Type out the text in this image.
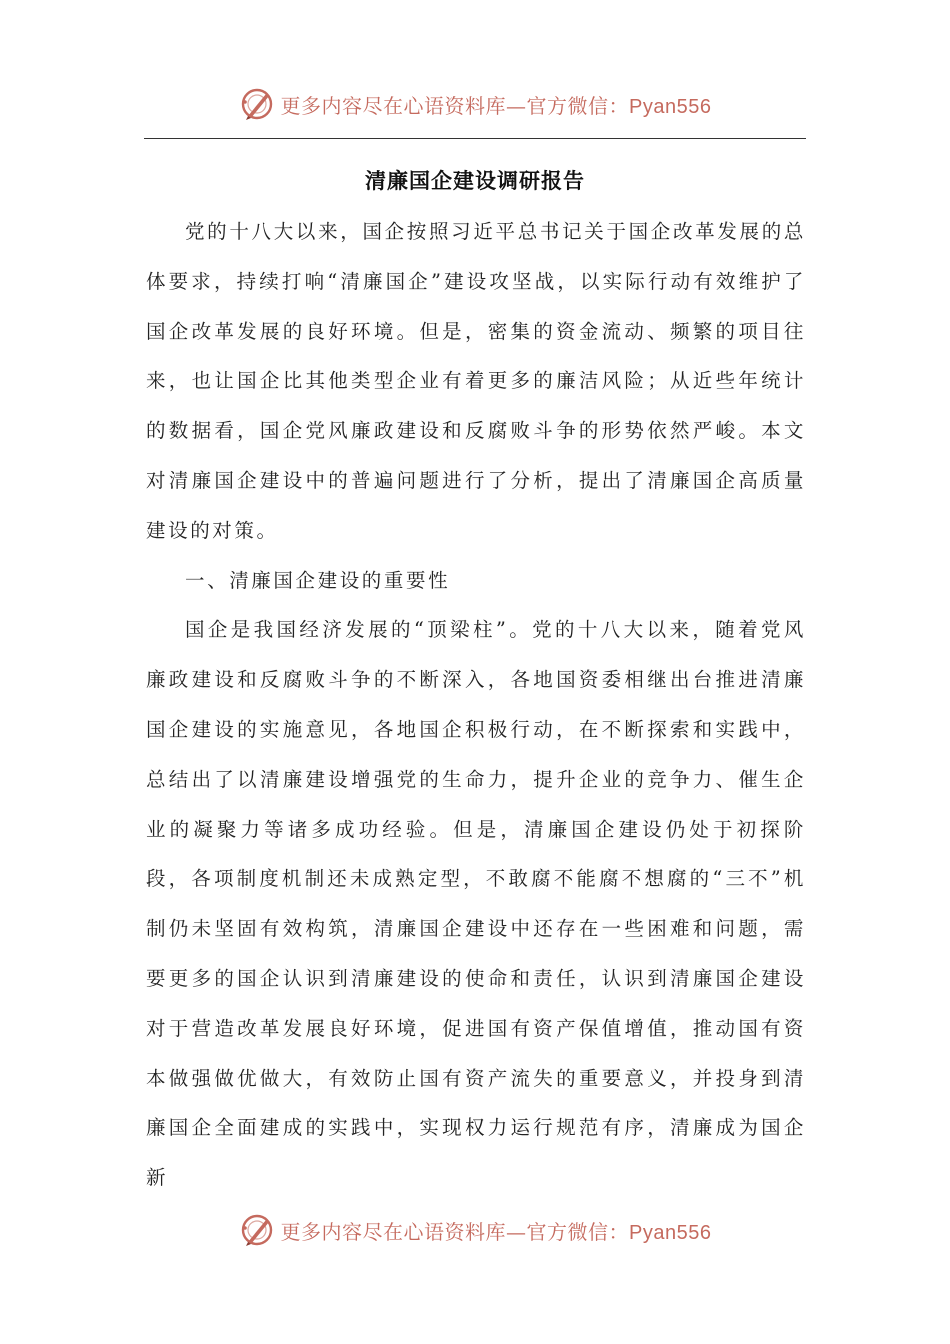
更多内容尽在心语资料库—官方微信：Pyan556
清廉国企建设调研报告

党的十八大以来，国企按照习近平总书记关于国企改革发展的总体要求，持续打响“清廉国企”建设攻坚战，以实际行动有效维护了国企改革发展的良好环境。但是，密集的资金流动、频繁的项目往来，也让国企比其他类型企业有着更多的廉洁风险；从近些年统计的数据看，国企党风廉政建设和反腐败斗争的形势依然严峻。本文对清廉国企建设中的普遍问题进行了分析，提出了清廉国企高质量建设的对策。

一、清廉国企建设的重要性

国企是我国经济发展的“顶梁柱”。党的十八大以来，随着党风廉政建设和反腐败斗争的不断深入，各地国资委相继出台推进清廉国企建设的实施意见，各地国企积极行动，在不断探索和实践中，总结出了以清廉建设增强党的生命力，提升企业的竞争力、催生企业的凝聚力等诸多成功经验。但是，清廉国企建设仍处于初探阶段，各项制度机制还未成熟定型，不敢腐不能腐不想腐的“三不”机制仍未坚固有效构筑，清廉国企建设中还存在一些困难和问题，需要更多的国企认识到清廉建设的使命和责任，认识到清廉国企建设对于营造改革发展良好环境，促进国有资产保值增值，推动国有资本做强做优做大，有效防止国有资产流失的重要意义，并投身到清廉国企全面建成的实践中，实现权力运行规范有序，清廉成为国企新

更多内容尽在心语资料库—官方微信：Pyan556
